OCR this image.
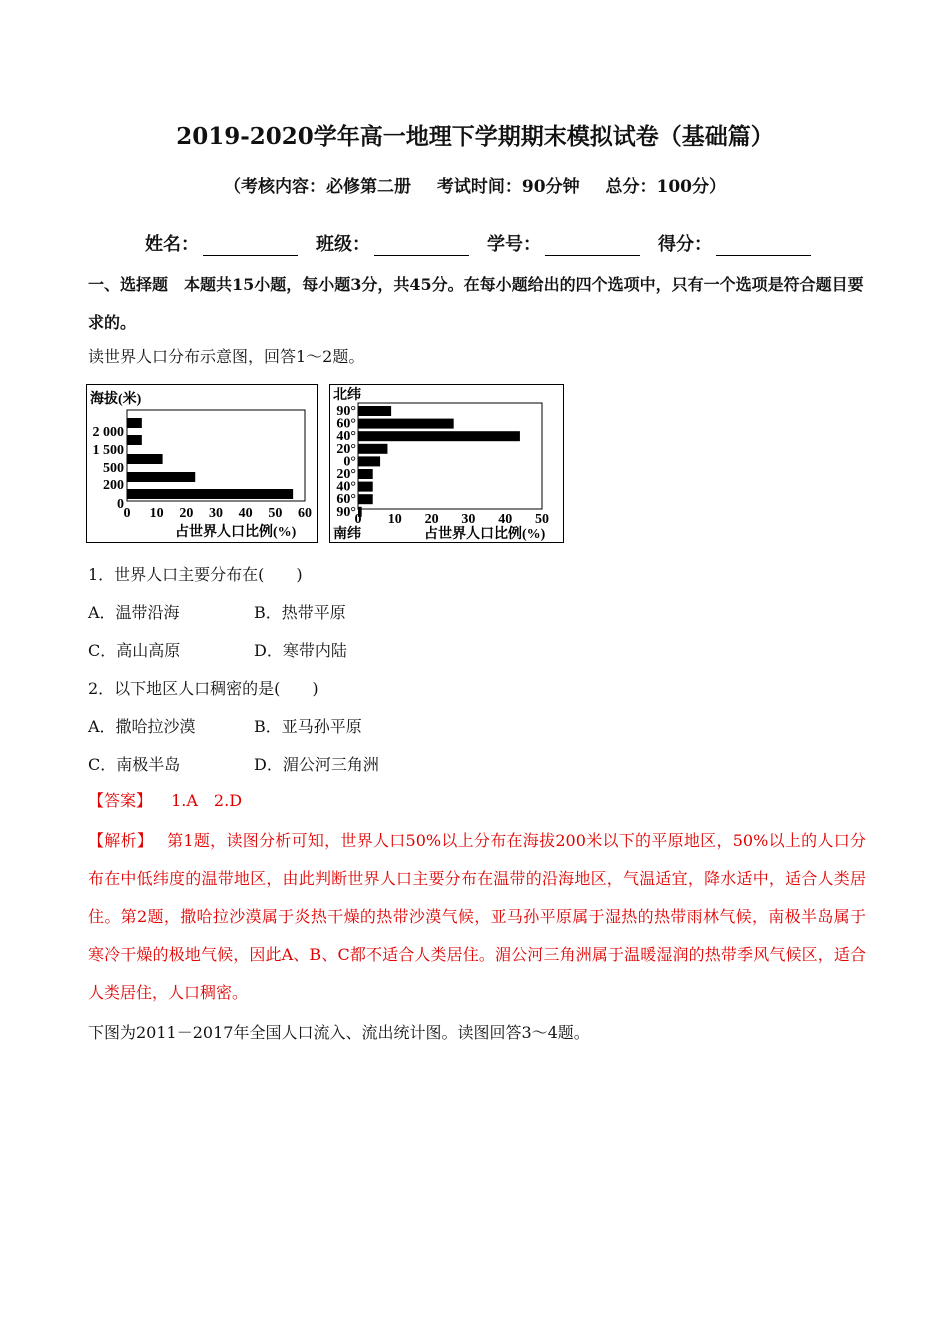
2019-2020学年高一地理下学期期末模拟试卷（基础篇）
（考核内容：必修第二册 考试时间：90分钟 总分：100分）
姓名：	班级：	学号：	得分：
一、选择题　本题共15小题，每小题3分，共45分。在每小题给出的四个选项中，只有一个选项是符合题目要求的。
读世界人口分布示意图，回答1～2题。
海拔(米)
2 000
1 500
500
200
0
0 10 20 30 40 50 60
占世界人口比例(%)
北纬
90°
60°
40°
20°
0°
20°
40°
60°
90°
0 10 20 30 40 50
南纬	占世界人口比例(%)
1．世界人口主要分布在(　　)
A．温带沿海	B．热带平原
C．高山高原	D．寒带内陆
2．以下地区人口稠密的是(　　)
A．撒哈拉沙漠	B．亚马孙平原
C．南极半岛	D．湄公河三角洲
【答案】 1.A　2.D
【解析】 第1题，读图分析可知，世界人口50%以上分布在海拔200米以下的平原地区，50%以上的人口分布在中低纬度的温带地区，由此判断世界人口主要分布在温带的沿海地区，气温适宜，降水适中，适合人类居住。第2题，撒哈拉沙漠属于炎热干燥的热带沙漠气候，亚马孙平原属于湿热的热带雨林气候，南极半岛属于寒冷干燥的极地气候，因此A、B、C都不适合人类居住。湄公河三角洲属于温暖湿润的热带季风气候区，适合人类居住，人口稠密。
下图为2011－2017年全国人口流入、流出统计图。读图回答3～4题。
